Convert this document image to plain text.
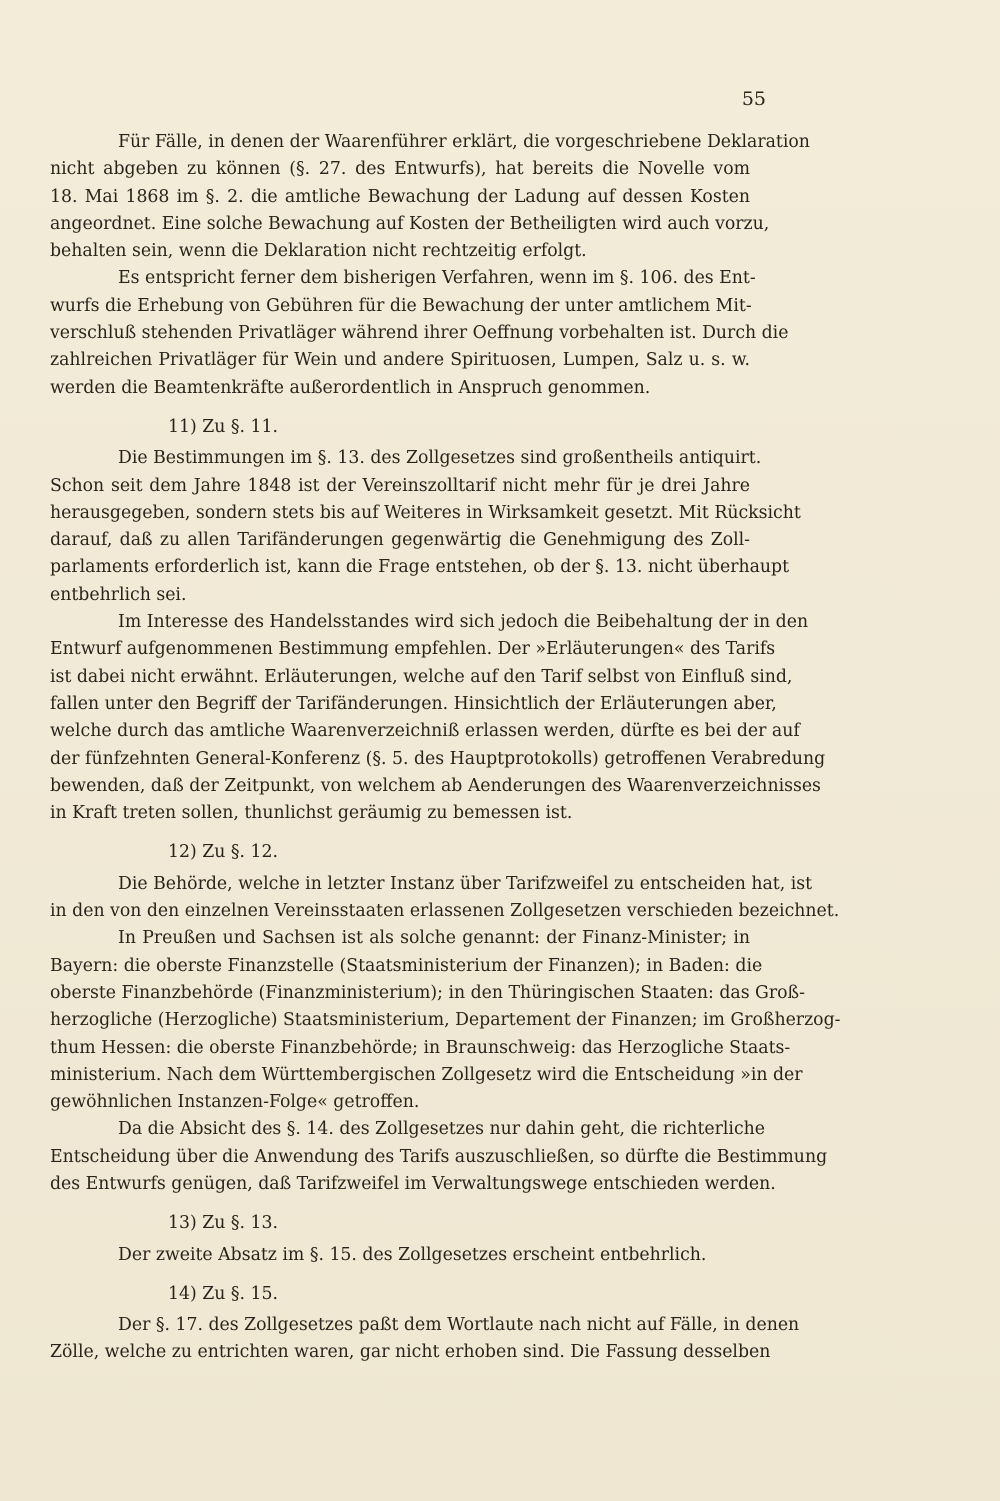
55
Für Fälle, in denen der Waarenführer erklärt, die vorgeschriebene Deklaration
nicht abgeben zu können (§. 27. des Entwurfs), hat bereits die Novelle vom
18. Mai 1868 im §. 2. die amtliche Bewachung der Ladung auf dessen Kosten
angeordnet. Eine solche Bewachung auf Kosten der Betheiligten wird auch vorzu,
behalten sein, wenn die Deklaration nicht rechtzeitig erfolgt.
Es entspricht ferner dem bisherigen Verfahren, wenn im §. 106. des Ent-
wurfs die Erhebung von Gebühren für die Bewachung der unter amtlichem Mit-
verschluß stehenden Privatläger während ihrer Oeffnung vorbehalten ist. Durch die
zahlreichen Privatläger für Wein und andere Spirituosen, Lumpen, Salz u. s. w.
werden die Beamtenkräfte außerordentlich in Anspruch genommen.
11) Zu §. 11.
Die Bestimmungen im §. 13. des Zollgesetzes sind großentheils antiquirt.
Schon seit dem Jahre 1848 ist der Vereinszolltarif nicht mehr für je drei Jahre
herausgegeben, sondern stets bis auf Weiteres in Wirksamkeit gesetzt. Mit Rücksicht
darauf, daß zu allen Tarifänderungen gegenwärtig die Genehmigung des Zoll-
parlaments erforderlich ist, kann die Frage entstehen, ob der §. 13. nicht überhaupt
entbehrlich sei.
Im Interesse des Handelsstandes wird sich jedoch die Beibehaltung der in den
Entwurf aufgenommenen Bestimmung empfehlen. Der »Erläuterungen« des Tarifs
ist dabei nicht erwähnt. Erläuterungen, welche auf den Tarif selbst von Einfluß sind,
fallen unter den Begriff der Tarifänderungen. Hinsichtlich der Erläuterungen aber,
welche durch das amtliche Waarenverzeichniß erlassen werden, dürfte es bei der auf
der fünfzehnten General-Konferenz (§. 5. des Hauptprotokolls) getroffenen Verabredung
bewenden, daß der Zeitpunkt, von welchem ab Aenderungen des Waarenverzeichnisses
in Kraft treten sollen, thunlichst geräumig zu bemessen ist.
12) Zu §. 12.
Die Behörde, welche in letzter Instanz über Tarifzweifel zu entscheiden hat, ist
in den von den einzelnen Vereinsstaaten erlassenen Zollgesetzen verschieden bezeichnet.
In Preußen und Sachsen ist als solche genannt: der Finanz-Minister; in
Bayern: die oberste Finanzstelle (Staatsministerium der Finanzen); in Baden: die
oberste Finanzbehörde (Finanzministerium); in den Thüringischen Staaten: das Groß-
herzogliche (Herzogliche) Staatsministerium, Departement der Finanzen; im Großherzog-
thum Hessen: die oberste Finanzbehörde; in Braunschweig: das Herzogliche Staats-
ministerium. Nach dem Württembergischen Zollgesetz wird die Entscheidung »in der
gewöhnlichen Instanzen-Folge« getroffen.
Da die Absicht des §. 14. des Zollgesetzes nur dahin geht, die richterliche
Entscheidung über die Anwendung des Tarifs auszuschließen, so dürfte die Bestimmung
des Entwurfs genügen, daß Tarifzweifel im Verwaltungswege entschieden werden.
13) Zu §. 13.
Der zweite Absatz im §. 15. des Zollgesetzes erscheint entbehrlich.
14) Zu §. 15.
Der §. 17. des Zollgesetzes paßt dem Wortlaute nach nicht auf Fälle, in denen
Zölle, welche zu entrichten waren, gar nicht erhoben sind. Die Fassung desselben
